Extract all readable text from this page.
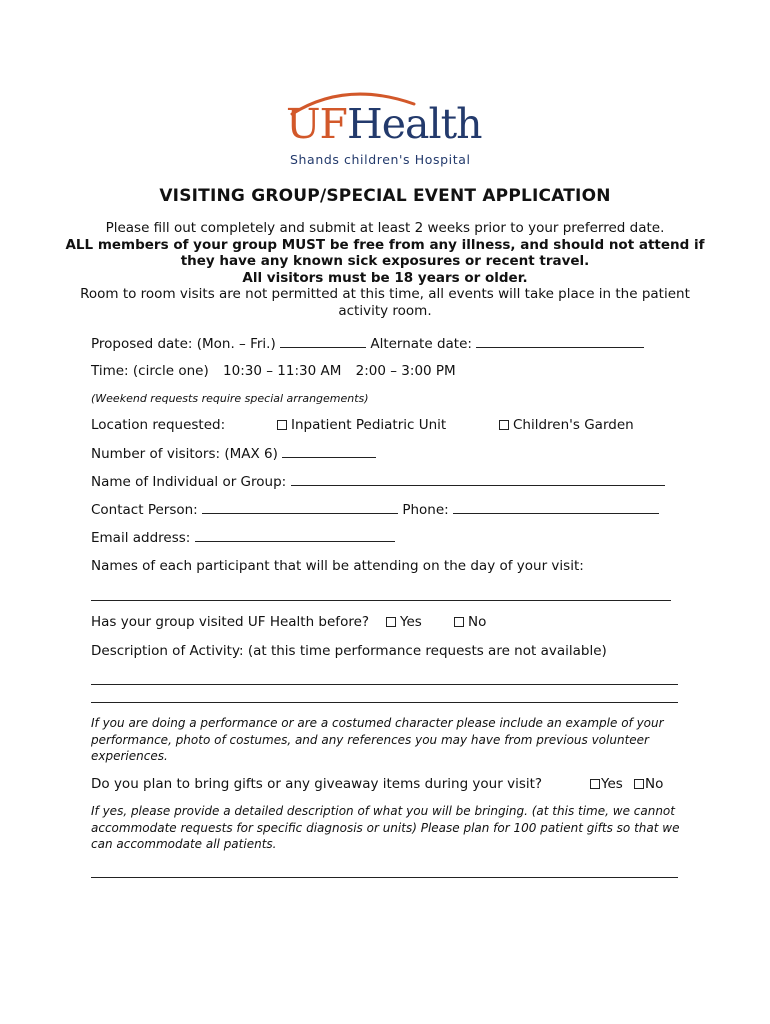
UFHealth
Shands children's Hospital
VISITING GROUP/SPECIAL EVENT APPLICATION

Please fill out completely and submit at least 2 weeks prior to your preferred date.

ALL members of your group MUST be free from any illness, and should not attend if they have any known sick exposures or recent travel.

All visitors must be 18 years or older.

Room to room visits are not permitted at this time, all events will take place in the patient activity room.

Proposed date: (Mon. – Fri.)	Alternate date:
Time: (circle one) 10:30 – 11:30 AM 2:00 – 3:00 PM
(Weekend requests require special arrangements)
Location requested:	Inpatient Pediatric Unit	Children's Garden
Number of visitors: (MAX 6)
Name of Individual or Group:
Contact Person:	Phone:
Email address:
Names of each participant that will be attending on the day of your visit:
Has your group visited UF Health before?	Yes	No
Description of Activity: (at this time performance requests are not available)
If you are doing a performance or are a costumed character please include an example of your performance, photo of costumes, and any references you may have from previous volunteer experiences.
Do you plan to bring gifts or any giveaway items during your visit?	Yes	No
If yes, please provide a detailed description of what you will be bringing. (at this time, we cannot accommodate requests for specific diagnosis or units) Please plan for 100 patient gifts so that we can accommodate all patients.
